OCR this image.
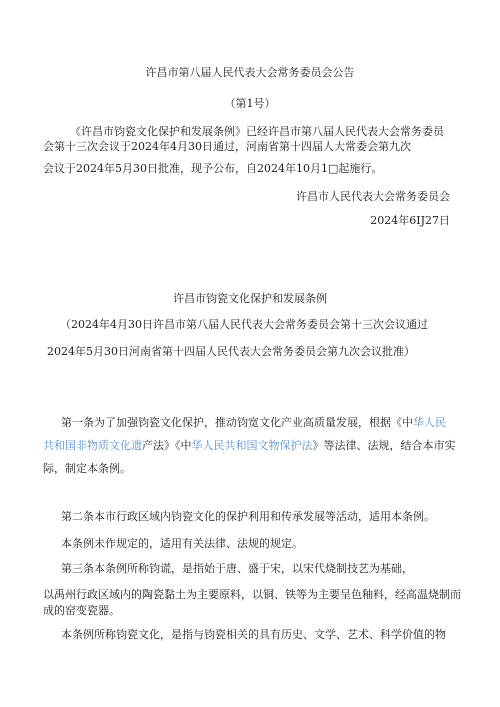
许昌市第八届人民代表大会常务委员会公告
（第1号）
《许昌市钧瓷文化保护和发展条例》已经许昌市第八届人民代表大会常务委员
会第十三次会议于2024年4月30日通过，河南省第十四届人大常委会第九次
会议于2024年5月30日批准，现予公布，自2024年10月1□起施行。
许昌市人民代表大会常务委员会
2024年6IJ27日
许昌市钧瓷文化保护和发展条例
（2024年4月30日许昌市第八届人民代表大会常务委员会第十三次会议通过
2024年5月30日河南省第十四届人民代表大会常务委员会第九次会议批准）
第一条为了加强钧瓷文化保护，推动钧宽文化产业高质量发展，根据《中华人民
共和国非物质文化遗产法》《中华人民共和国文物保护法》等法律、法规，结合本市实
际，制定本条例。
第二条本市行政区域内钧瓷文化的保护利用和传承发展等活动，适用本条例。
本条例未作规定的，适用有关法律、法规的规定。
第三条本条例所称钧谎，是指始于唐、盛于宋，以宋代烧制技艺为基础，
以禹州行政区域内的陶瓷黏土为主要原料，以铜、铁等为主要呈色釉料，经高温烧制而
成的窑变瓷器。
本条例所称钧瓷文化，是指与钧瓷相关的具有历史、文学、艺术、科学价值的物
